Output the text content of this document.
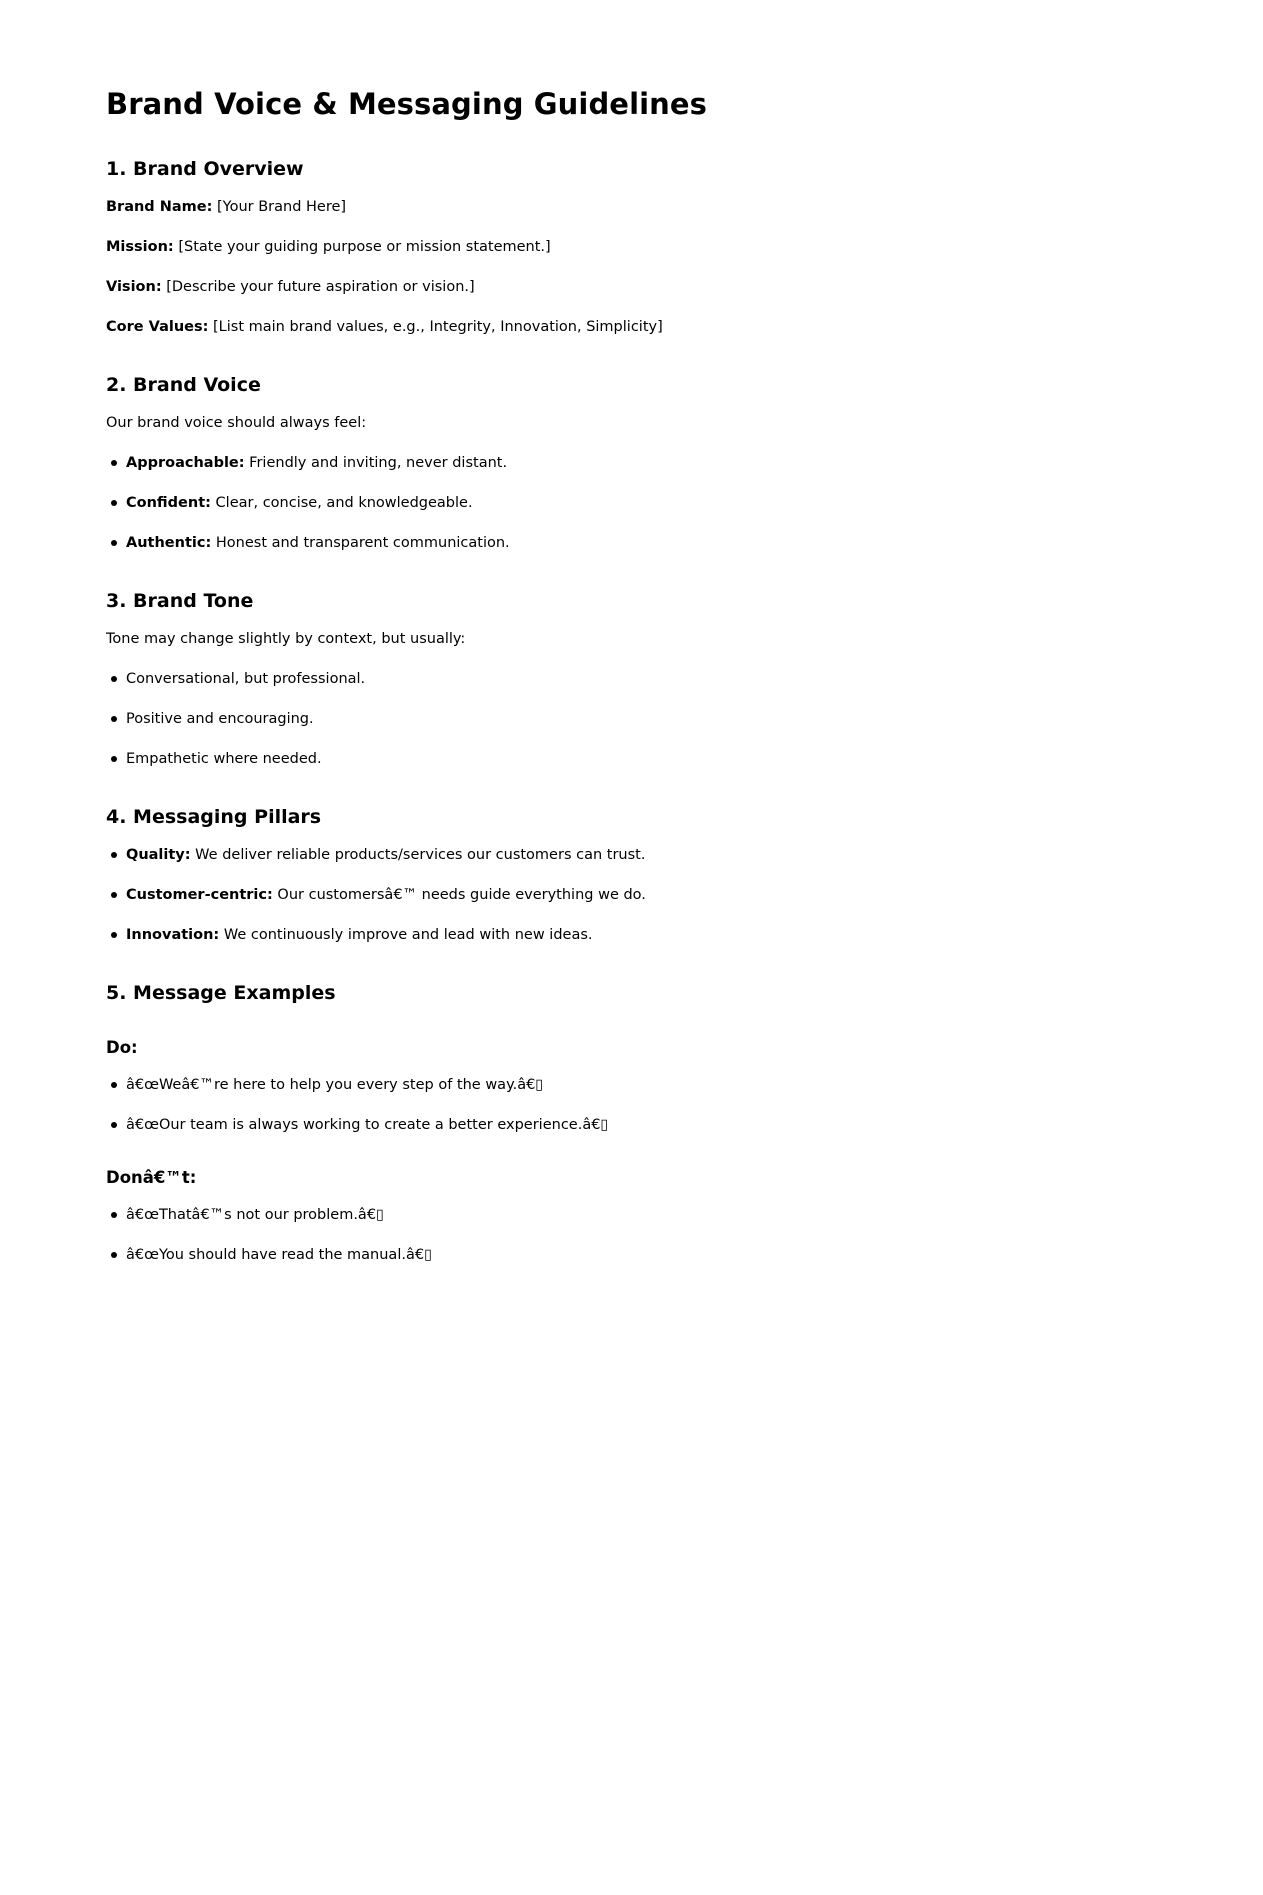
Brand Voice & Messaging Guidelines
1. Brand Overview

Brand Name: [Your Brand Here]

Mission: [State your guiding purpose or mission statement.]

Vision: [Describe your future aspiration or vision.]

Core Values: [List main brand values, e.g., Integrity, Innovation, Simplicity]

2. Brand Voice

Our brand voice should always feel:

Approachable: Friendly and inviting, never distant.
Confident: Clear, concise, and knowledgeable.
Authentic: Honest and transparent communication.
3. Brand Tone

Tone may change slightly by context, but usually:

Conversational, but professional.
Positive and encouraging.
Empathetic where needed.
4. Messaging Pillars
Quality: We deliver reliable products/services our customers can trust.
Customer-centric: Our customersâ€™ needs guide everything we do.
Innovation: We continuously improve and lead with new ideas.
5. Message Examples
Do:
â€œWeâ€™re here to help you every step of the way.â€▯
â€œOur team is always working to create a better experience.â€▯
Donâ€™t:
â€œThatâ€™s not our problem.â€▯
â€œYou should have read the manual.â€▯
